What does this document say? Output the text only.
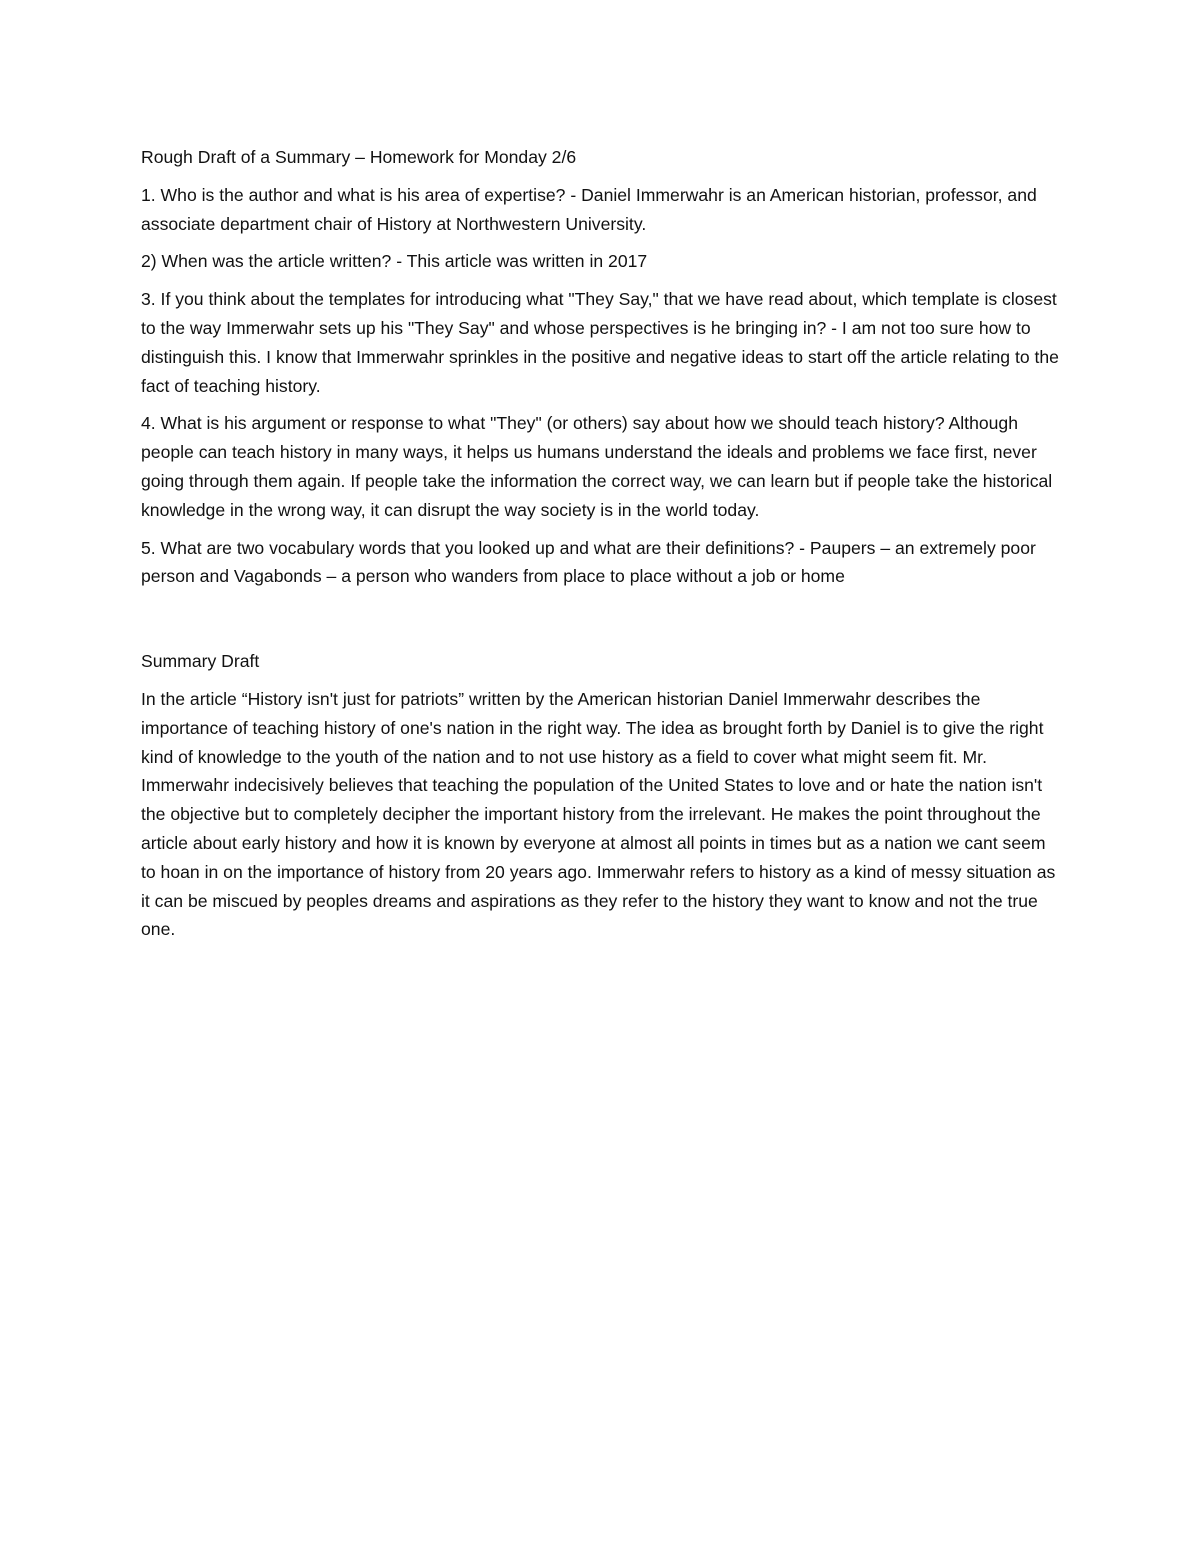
Rough Draft of a Summary – Homework for Monday 2/6

1. Who is the author and what is his area of expertise? - Daniel Immerwahr is an American historian, professor, and associate department chair of History at Northwestern University.

2) When was the article written? - This article was written in 2017

3. If you think about the templates for introducing what "They Say," that we have read about, which template is closest to the way Immerwahr sets up his "They Say" and whose perspectives is he bringing in? - I am not too sure how to distinguish this. I know that Immerwahr sprinkles in the positive and negative ideas to start off the article relating to the fact of teaching history.

4. What is his argument or response to what "They" (or others) say about how we should teach history? Although people can teach history in many ways, it helps us humans understand the ideals and problems we face first, never going through them again. If people take the information the correct way, we can learn but if people take the historical knowledge in the wrong way, it can disrupt the way society is in the world today.

5. What are two vocabulary words that you looked up and what are their definitions? - Paupers – an extremely poor person and Vagabonds – a person who wanders from place to place without a job or home

Summary Draft

In the article “History isn't just for patriots” written by the American historian Daniel Immerwahr describes the importance of teaching history of one's nation in the right way. The idea as brought forth by Daniel is to give the right kind of knowledge to the youth of the nation and to not use history as a field to cover what might seem fit. Mr. Immerwahr indecisively believes that teaching the population of the United States to love and or hate the nation isn't the objective but to completely decipher the important history from the irrelevant. He makes the point throughout the article about early history and how it is known by everyone at almost all points in times but as a nation we cant seem to hoan in on the importance of history from 20 years ago. Immerwahr refers to history as a kind of messy situation as it can be miscued by peoples dreams and aspirations as they refer to the history they want to know and not the true one.
